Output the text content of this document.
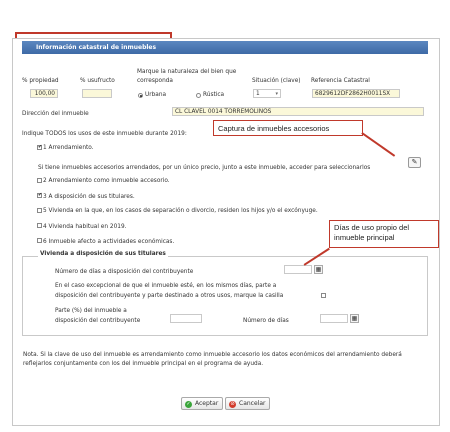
Información catastral de inmuebles
% propiedad
100,00
% usufructo
Marque la naturaleza del bien que
corresponda
Urbana	Rústica
Situación (clave)
1	▾
Referencia Catastral
6829612DF2862H0011SX
Dirección del inmueble	CL CLAVEL 0014 TORREMOLINOS
Indique TODOS los usos de este inmueble durante 2019:
✔
1 Arrendamiento.
Si tiene inmuebles accesorios arrendados, por un único precio, junto a este inmueble, acceder para seleccionarlos
✎
2 Arrendamiento como inmueble accesorio.
✔
3 A disposición de sus titulares.
5 Vivienda en la que, en los casos de separación o divorcio, residen los hijos y/o el excónyuge.
4 Vivienda habitual en 2019.
6 Inmueble afecto a actividades económicas.
Captura de inmuebles accesorios
Vivienda a disposición de sus titulares
Número de días a disposición del contribuyente	▦
En el caso excepcional de que el inmueble esté, en los mismos días, parte a
disposición del contribuyente y parte destinado a otros usos, marque la casilla
Parte (%) del inmueble a
disposición del contribuyente	Número de días	▦
Días de uso propio del
inmueble principal
Nota. Si la clave de uso del inmueble es arrendamiento como inmueble accesorio los datos económicos del arrendamiento deberá reflejarlos conjuntamente con los del inmueble principal en el programa de ayuda.
✓ Aceptar	⊘ Cancelar
